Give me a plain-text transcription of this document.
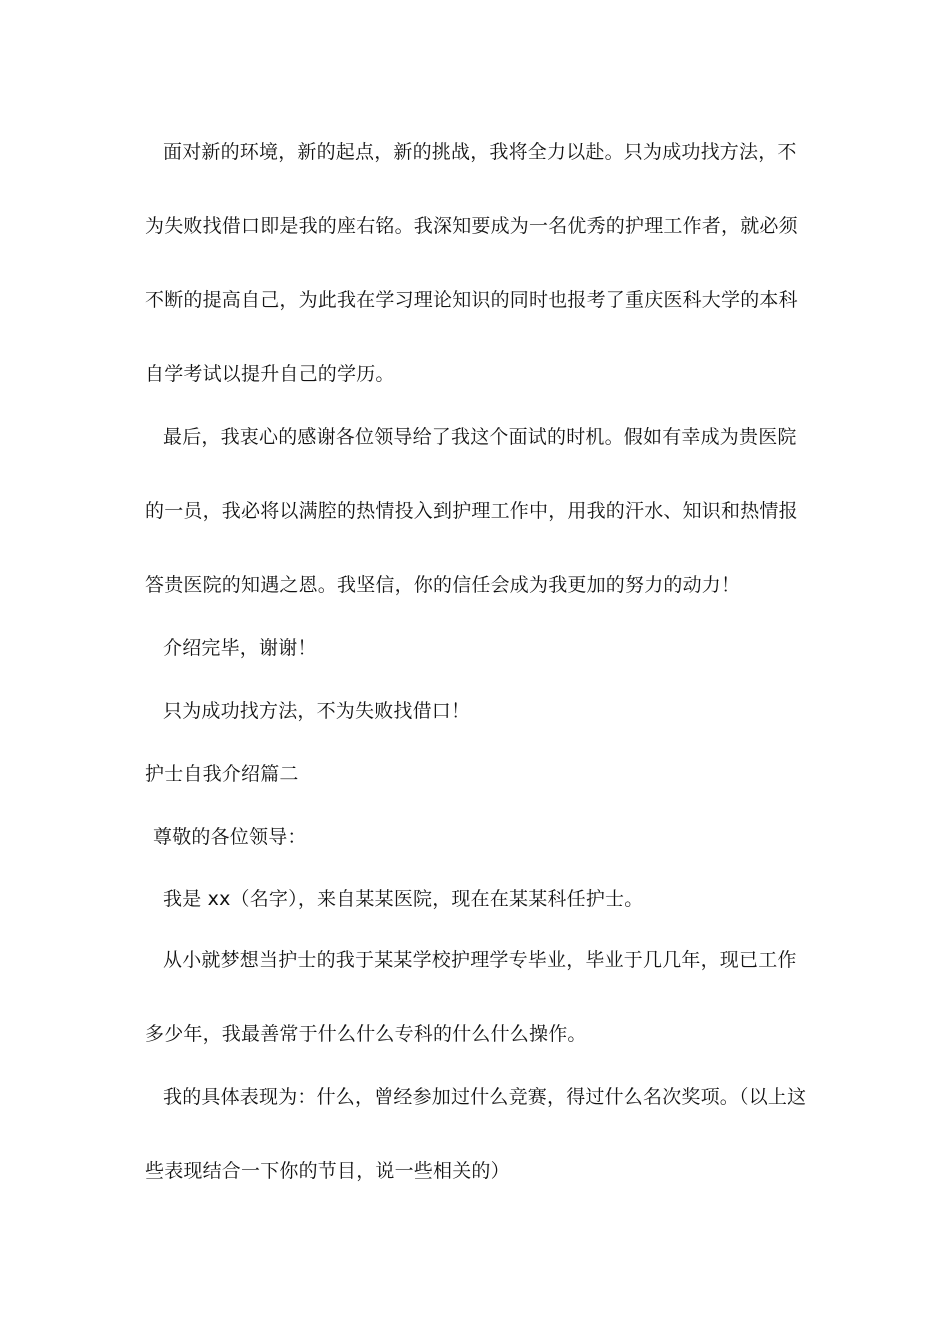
面对新的环境，新的起点，新的挑战，我将全力以赴。只为成功找方法，不
为失败找借口即是我的座右铭。我深知要成为一名优秀的护理工作者，就必须
不断的提高自己，为此我在学习理论知识的同时也报考了重庆医科大学的本科
自学考试以提升自己的学历。
最后，我衷心的感谢各位领导给了我这个面试的时机。假如有幸成为贵医院
的一员，我必将以满腔的热情投入到护理工作中，用我的汗水、知识和热情报
答贵医院的知遇之恩。我坚信，你的信任会成为我更加的努力的动力！
介绍完毕，谢谢！
只为成功找方法，不为失败找借口！
护士自我介绍篇二
尊敬的各位领导：
我是 xx（名字），来自某某医院，现在在某某科任护士。
从小就梦想当护士的我于某某学校护理学专毕业，毕业于几几年，现已工作
多少年，我最善常于什么什么专科的什么什么操作。
我的具体表现为：什么，曾经参加过什么竞赛，得过什么名次奖项。（以上这
些表现结合一下你的节目，说一些相关的）
